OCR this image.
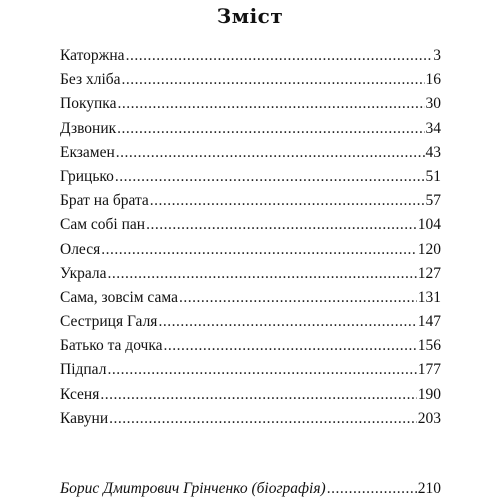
Зміст
Каторжна .....	3
Без хліба .....	16
Покупка .....	30
Дзвоник .....	34
Екзамен .....	43
Грицько .....	51
Брат на брата .....	57
Сам собі пан .....	104
Олеся .....	120
Украла .....	127
Сама, зовсім сама .....	131
Сестриця Галя .....	147
Батько та дочка .....	156
Підпал .....	177
Ксеня .....	190
Кавуни .....	203
Борис Дмитрович Грінченко (біографія) .....	210
